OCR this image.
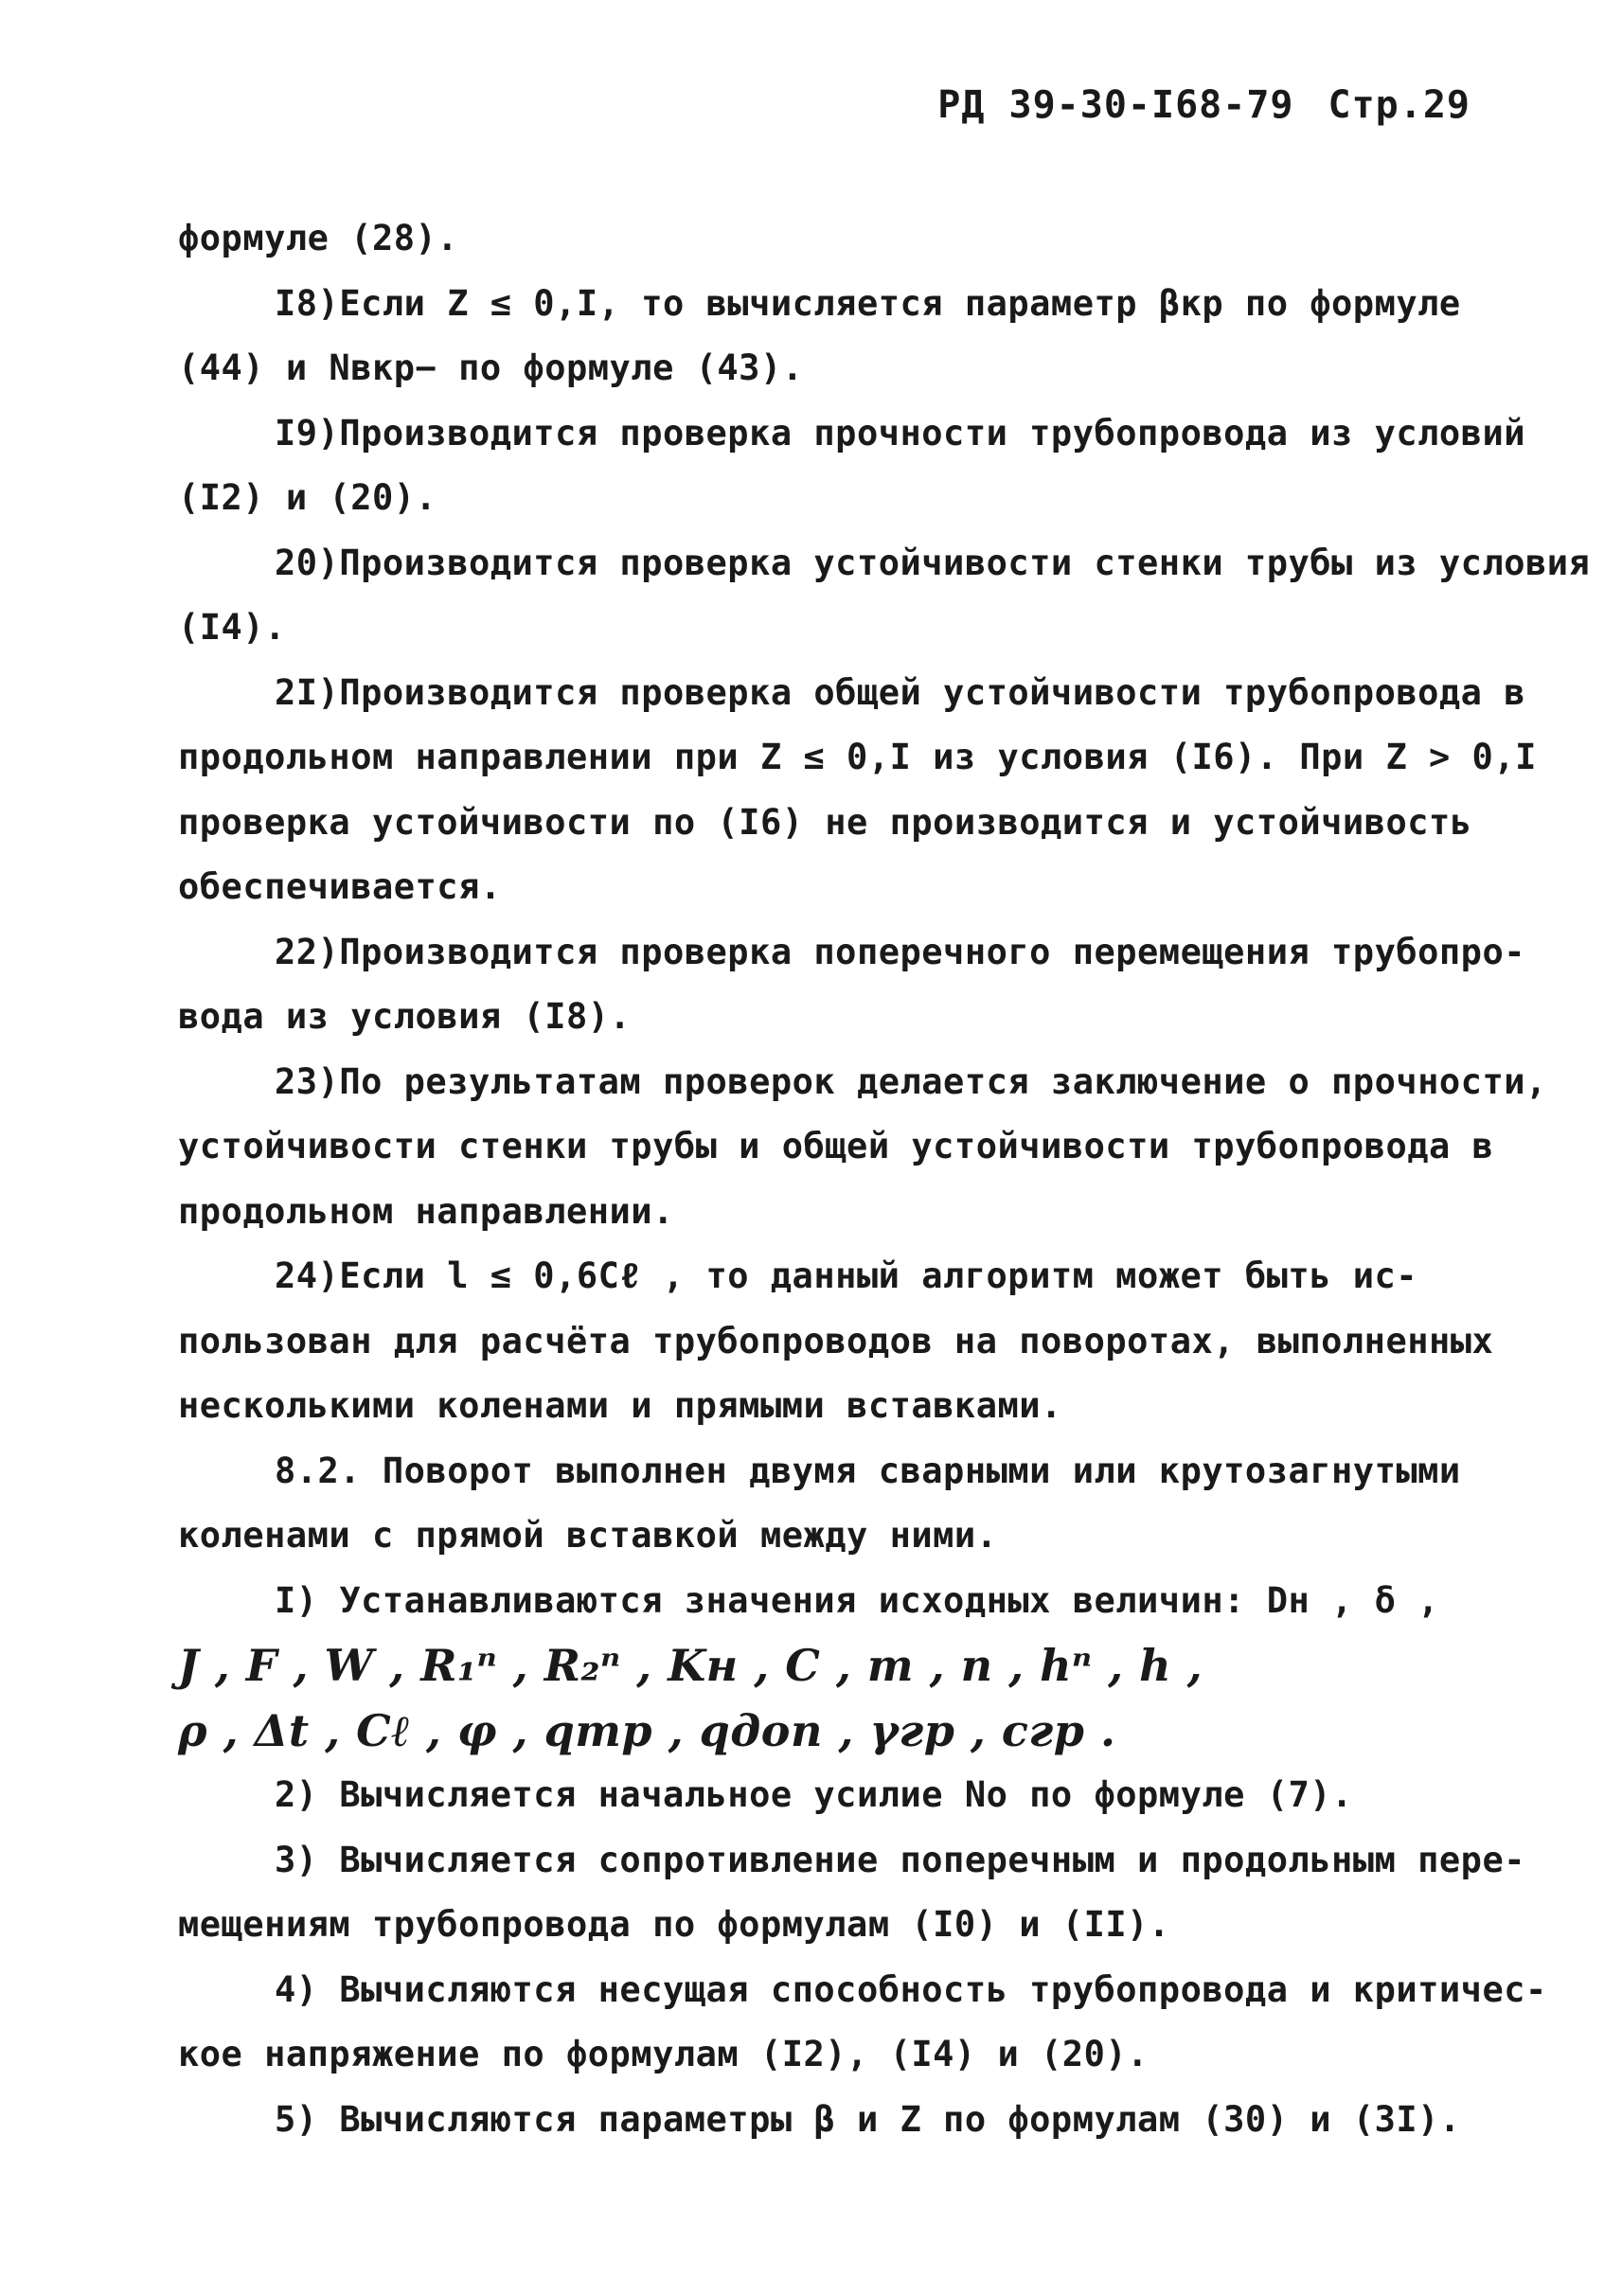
РД 39-30-I68-79 Стр.29
формуле (28).
I8)Если Z ≤ 0,I, то вычисляется параметр βкр по формуле
(44) и Nвкр− по формуле (43).
I9)Производится проверка прочности трубопровода из условий
(I2) и (20).
20)Производится проверка устойчивости стенки трубы из условия
(I4).
2I)Производится проверка общей устойчивости трубопровода в
продольном направлении при Z ≤ 0,I из условия (I6). При Z > 0,I
проверка устойчивости по (I6) не производится и устойчивость
обеспечивается.
22)Производится проверка поперечного перемещения трубопро-
вода из условия (I8).
23)По результатам проверок делается заключение о прочности,
устойчивости стенки трубы и общей устойчивости трубопровода в
продольном направлении.
24)Если l ≤ 0,6Cℓ , то данный алгоритм может быть ис-
пользован для расчёта трубопроводов на поворотах, выполненных
несколькими коленами и прямыми вставками.
8.2. Поворот выполнен двумя сварными или крутозагнутыми
коленами с прямой вставкой между ними.
I) Устанавливаются значения исходных величин: Dн , δ ,
J , F , W , R₁ⁿ , R₂ⁿ , Kн , C , m , n , hⁿ , h ,
ρ , Δt , Cℓ , φ , qтр , qдоп , γгр , cгр .
2) Вычисляется начальное усилие Nо по формуле (7).
3) Вычисляется сопротивление поперечным и продольным пере-
мещениям трубопровода по формулам (I0) и (II).
4) Вычисляются несущая способность трубопровода и критичес-
кое напряжение по формулам (I2), (I4) и (20).
5) Вычисляются параметры β и Z по формулам (30) и (3I).
